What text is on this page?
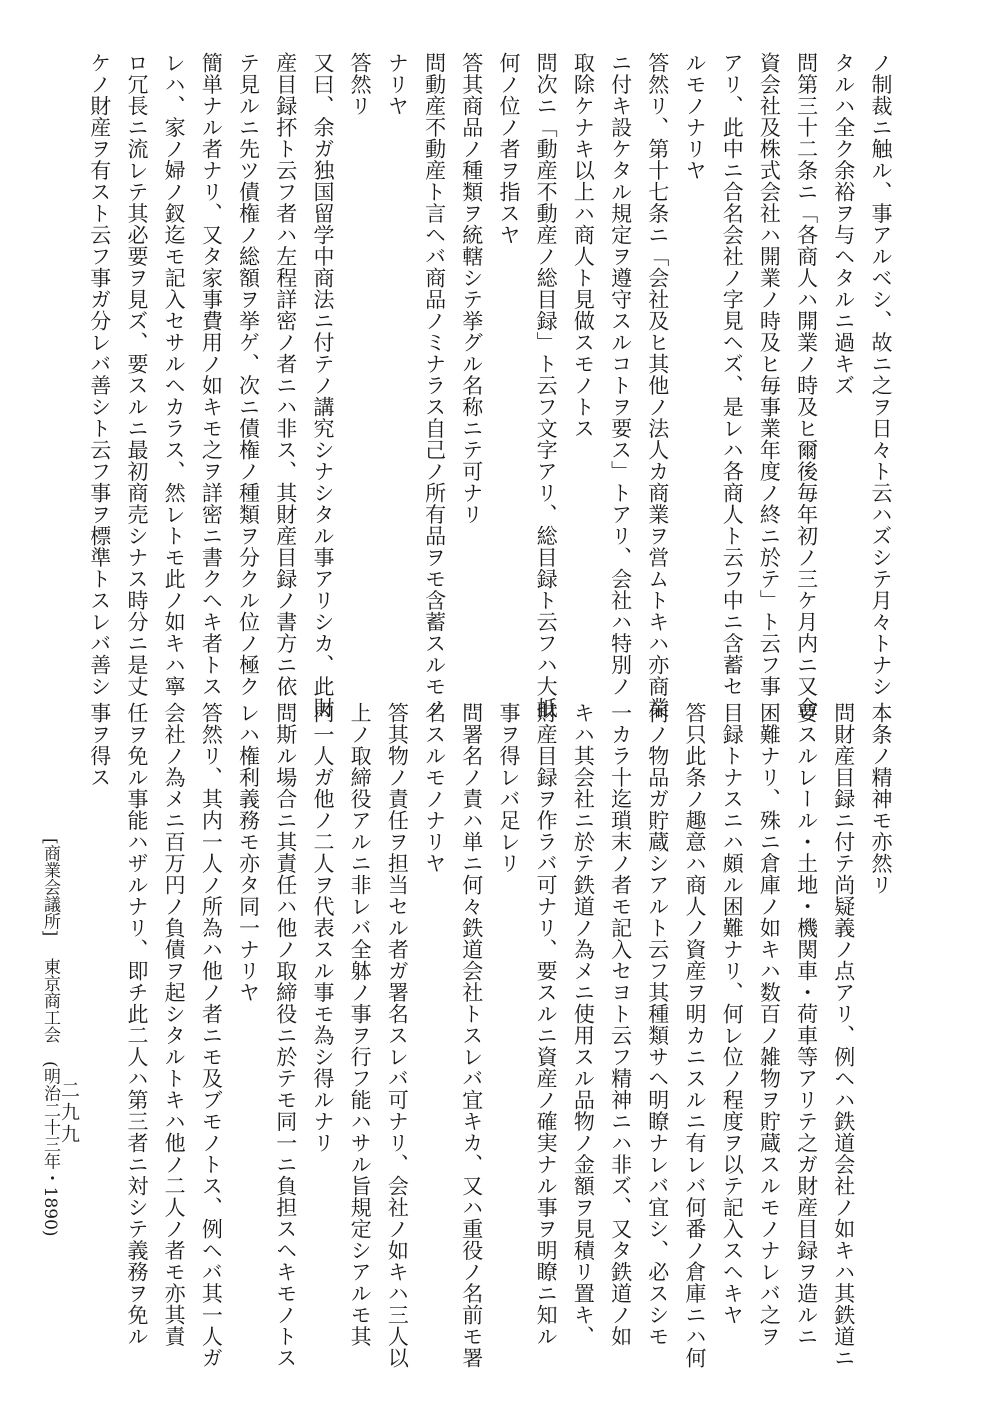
ノ制裁ニ触ル、事アルベシ、故ニ之ヲ日々ト云ハズシテ月々トナシ
タルハ全ク余裕ヲ与ヘタルニ過キズ
問第三十二条ニ「各商人ハ開業ノ時及ヒ爾後毎年初ノ三ケ月内ニ又合
資会社及株式会社ハ開業ノ時及ヒ毎事業年度ノ終ニ於テ」ト云フ事
アリ、此中ニ合名会社ノ字見ヘズ、是レハ各商人ト云フ中ニ含蓄セ
ルモノナリヤ
答然リ、第十七条ニ「会社及ヒ其他ノ法人カ商業ヲ営ムトキハ亦商業
ニ付キ設ケタル規定ヲ遵守スルコトヲ要ス」トアリ、会社ハ特別ノ
取除ケナキ以上ハ商人ト見做スモノトス
問次ニ「動産不動産ノ総目録」ト云フ文字アリ、総目録ト云フハ大抵
何ノ位ノ者ヲ指スヤ
答其商品ノ種類ヲ統轄シテ挙グル名称ニテ可ナリ
問動産不動産ト言ヘバ商品ノミナラス自己ノ所有品ヲモ含蓄スルモノ
ナリヤ
答然リ
又曰、余ガ独国留学中商法ニ付テノ講究シナシタル事アリシカ、此財
産目録抔ト云フ者ハ左程詳密ノ者ニハ非ス、其財産目録ノ書方ニ依
テ見ルニ先ツ債権ノ総額ヲ挙ゲ、次ニ債権ノ種類ヲ分クル位ノ極ク
簡単ナル者ナリ、又タ家事費用ノ如キモ之ヲ詳密ニ書クヘキ者トス
レハ、家ノ婦ノ釵迄モ記入セサルヘカラス、然レトモ此ノ如キハ寧
ロ冗長ニ流レテ其必要ヲ見ズ、要スルニ最初商売シナス時分ニ是丈
ケノ財産ヲ有スト云フ事ガ分レバ善シト云フ事ヲ標準トスレバ善シ
本条ノ精神モ亦然リ
問財産目録ニ付テ尚疑義ノ点アリ、例ヘハ鉄道会社ノ如キハ其鉄道ニ
要スルレール・土地・機関車・荷車等アリテ之ガ財産目録ヲ造ルニ
困難ナリ、殊ニ倉庫ノ如キハ数百ノ雑物ヲ貯蔵スルモノナレバ之ヲ
目録トナスニハ頗ル困難ナリ、何レ位ノ程度ヲ以テ記入スヘキヤ
答只此条ノ趣意ハ商人ノ資産ヲ明カニスルニ有レバ何番ノ倉庫ニハ何
何ノ物品ガ貯蔵シアルト云フ其種類サヘ明瞭ナレバ宜シ、必スシモ
一カラ十迄瑣末ノ者モ記入セヨト云フ精神ニハ非ズ、又タ鉄道ノ如
キハ其会社ニ於テ鉄道ノ為メニ使用スル品物ノ金額ヲ見積リ置キ、
財産目録ヲ作ラバ可ナリ、要スルニ資産ノ確実ナル事ヲ明瞭ニ知ル
事ヲ得レバ足レリ
問署名ノ責ハ単ニ何々鉄道会社トスレバ宜キカ、又ハ重役ノ名前モ署
名スルモノナリヤ
答其物ノ責任ヲ担当セル者ガ署名スレバ可ナリ、会社ノ如キハ三人以
上ノ取締役アルニ非レバ全躰ノ事ヲ行フ能ハサル旨規定シアルモ其
内一人ガ他ノ二人ヲ代表スル事モ為シ得ルナリ
問斯ル場合ニ其責任ハ他ノ取締役ニ於テモ同一ニ負担スヘキモノトス
レハ権利義務モ亦タ同一ナリヤ
答然リ、其内一人ノ所為ハ他ノ者ニモ及ブモノトス、例ヘバ其一人ガ
会社ノ為メニ百万円ノ負債ヲ起シタルトキハ他ノ二人ノ者モ亦其責
任ヲ免ル事能ハザルナリ、即チ此二人ハ第三者ニ対シテ義務ヲ免ル
事ヲ得ス
[商業会議所]東京商工会(明治二十三年・1890)
二九九
